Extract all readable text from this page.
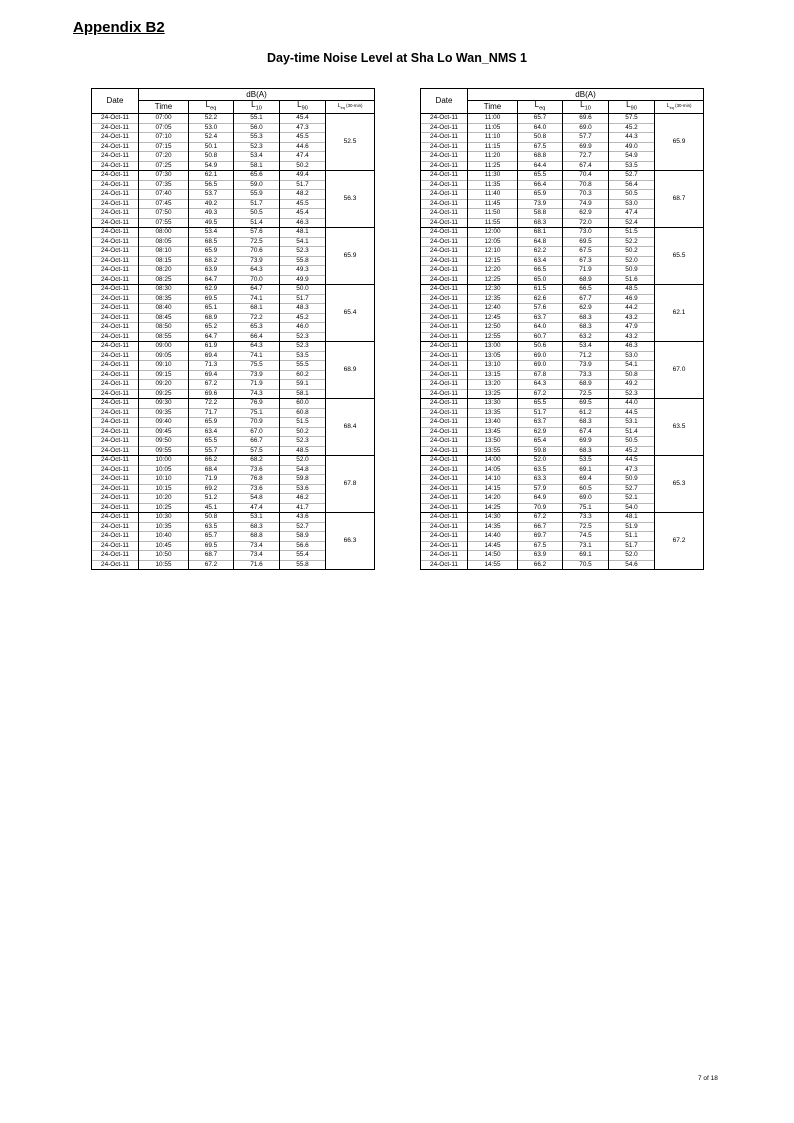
Appendix B2
Day-time Noise Level at Sha Lo Wan_NMS 1
Date	dB(A)				
	Time	$L_{eq}$	$L_{10}$	$L_{90}$	$L_{eq}$ (30-min)
24-Oct-11	07:00	52.2	55.1	45.4	52.5
24-Oct-11	07:05	53.0	56.0	47.3	
24-Oct-11	07:10	52.4	55.3	45.5	
24-Oct-11	07:15	50.1	52.3	44.6	
24-Oct-11	07:20	50.8	53.4	47.4	
24-Oct-11	07:25	54.9	58.1	50.2	
24-Oct-11	07:30	62.1	65.6	49.4	56.3
24-Oct-11	07:35	56.5	59.0	51.7	
24-Oct-11	07:40	53.7	55.9	48.2	
24-Oct-11	07:45	49.2	51.7	45.5	
24-Oct-11	07:50	49.3	50.5	45.4	
24-Oct-11	07:55	49.5	51.4	46.3	
24-Oct-11	08:00	53.4	57.6	48.1	65.9
24-Oct-11	08:05	68.5	72.5	54.1	
24-Oct-11	08:10	65.9	70.6	52.3	
24-Oct-11	08:15	68.2	73.9	55.8	
24-Oct-11	08:20	63.9	64.3	49.3	
24-Oct-11	08:25	64.7	70.0	49.9	
24-Oct-11	08:30	62.9	64.7	50.0	65.4
24-Oct-11	08:35	69.5	74.1	51.7	
24-Oct-11	08:40	65.1	68.1	48.3	
24-Oct-11	08:45	68.9	72.2	45.2	
24-Oct-11	08:50	65.2	65.3	46.0	
24-Oct-11	08:55	64.7	66.4	52.3	
24-Oct-11	09:00	61.9	64.3	52.3	68.9
24-Oct-11	09:05	69.4	74.1	53.5	
24-Oct-11	09:10	71.3	75.5	55.5	
24-Oct-11	09:15	69.4	73.9	60.2	
24-Oct-11	09:20	67.2	71.9	59.1	
24-Oct-11	09:25	69.6	74.3	58.1	
24-Oct-11	09:30	72.2	76.9	60.0	68.4
24-Oct-11	09:35	71.7	75.1	60.8	
24-Oct-11	09:40	65.9	70.9	51.5	
24-Oct-11	09:45	63.4	67.0	50.2	
24-Oct-11	09:50	65.5	66.7	52.3	
24-Oct-11	09:55	55.7	57.5	48.5	
24-Oct-11	10:00	66.2	68.2	52.0	67.8
24-Oct-11	10:05	68.4	73.6	54.8	
24-Oct-11	10:10	71.9	76.8	59.8	
24-Oct-11	10:15	69.2	73.6	53.6	
24-Oct-11	10:20	51.2	54.8	46.2	
24-Oct-11	10:25	45.1	47.4	41.7	
24-Oct-11	10:30	50.8	53.1	43.6	66.3
24-Oct-11	10:35	63.5	68.3	52.7	
24-Oct-11	10:40	65.7	68.8	58.9	
24-Oct-11	10:45	69.5	73.4	56.6	
24-Oct-11	10:50	68.7	73.4	55.4	
24-Oct-11	10:55	67.2	71.6	55.8	
Date	dB(A)				
	Time	$L_{eq}$	$L_{10}$	$L_{90}$	$L_{eq}$ (30-min)
24-Oct-11	11:00	65.7	69.6	57.5	65.9
24-Oct-11	11:05	64.0	69.0	45.2	
24-Oct-11	11:10	50.8	57.7	44.3	
24-Oct-11	11:15	67.5	69.9	49.0	
24-Oct-11	11:20	68.8	72.7	54.9	
24-Oct-11	11:25	64.4	67.4	53.5	
24-Oct-11	11:30	65.5	70.4	52.7	68.7
24-Oct-11	11:35	66.4	70.8	56.4	
24-Oct-11	11:40	65.9	70.3	50.5	
24-Oct-11	11:45	73.9	74.9	53.0	
24-Oct-11	11:50	58.8	62.9	47.4	
24-Oct-11	11:55	68.3	72.0	52.4	
24-Oct-11	12:00	68.1	73.0	51.5	65.5
24-Oct-11	12:05	64.8	69.5	52.2	
24-Oct-11	12:10	62.2	67.5	50.2	
24-Oct-11	12:15	63.4	67.3	52.0	
24-Oct-11	12:20	66.5	71.9	50.9	
24-Oct-11	12:25	65.0	68.9	51.6	
24-Oct-11	12:30	61.5	66.5	48.5	62.1
24-Oct-11	12:35	62.6	67.7	46.9	
24-Oct-11	12:40	57.6	62.9	44.2	
24-Oct-11	12:45	63.7	68.3	43.2	
24-Oct-11	12:50	64.0	68.3	47.9	
24-Oct-11	12:55	60.7	63.2	43.2	
24-Oct-11	13:00	50.6	53.4	46.3	67.0
24-Oct-11	13:05	69.0	71.2	53.0	
24-Oct-11	13:10	69.0	73.9	54.1	
24-Oct-11	13:15	67.8	73.3	50.8	
24-Oct-11	13:20	64.3	68.9	49.2	
24-Oct-11	13:25	67.2	72.5	52.3	
24-Oct-11	13:30	65.5	69.5	44.0	63.5
24-Oct-11	13:35	51.7	61.2	44.5	
24-Oct-11	13:40	63.7	68.3	53.1	
24-Oct-11	13:45	62.9	67.4	51.4	
24-Oct-11	13:50	65.4	69.9	50.5	
24-Oct-11	13:55	59.8	68.3	45.2	
24-Oct-11	14:00	52.0	53.5	44.5	65.3
24-Oct-11	14:05	63.5	69.1	47.3	
24-Oct-11	14:10	63.3	69.4	50.9	
24-Oct-11	14:15	57.9	60.5	52.7	
24-Oct-11	14:20	64.9	69.0	52.1	
24-Oct-11	14:25	70.9	75.1	54.0	
24-Oct-11	14:30	67.2	73.3	48.1	67.2
24-Oct-11	14:35	66.7	72.5	51.9	
24-Oct-11	14:40	69.7	74.5	51.1	
24-Oct-11	14:45	67.5	73.1	51.7	
24-Oct-11	14:50	63.9	69.1	52.0	
24-Oct-11	14:55	66.2	70.5	54.6	
7 of 18
